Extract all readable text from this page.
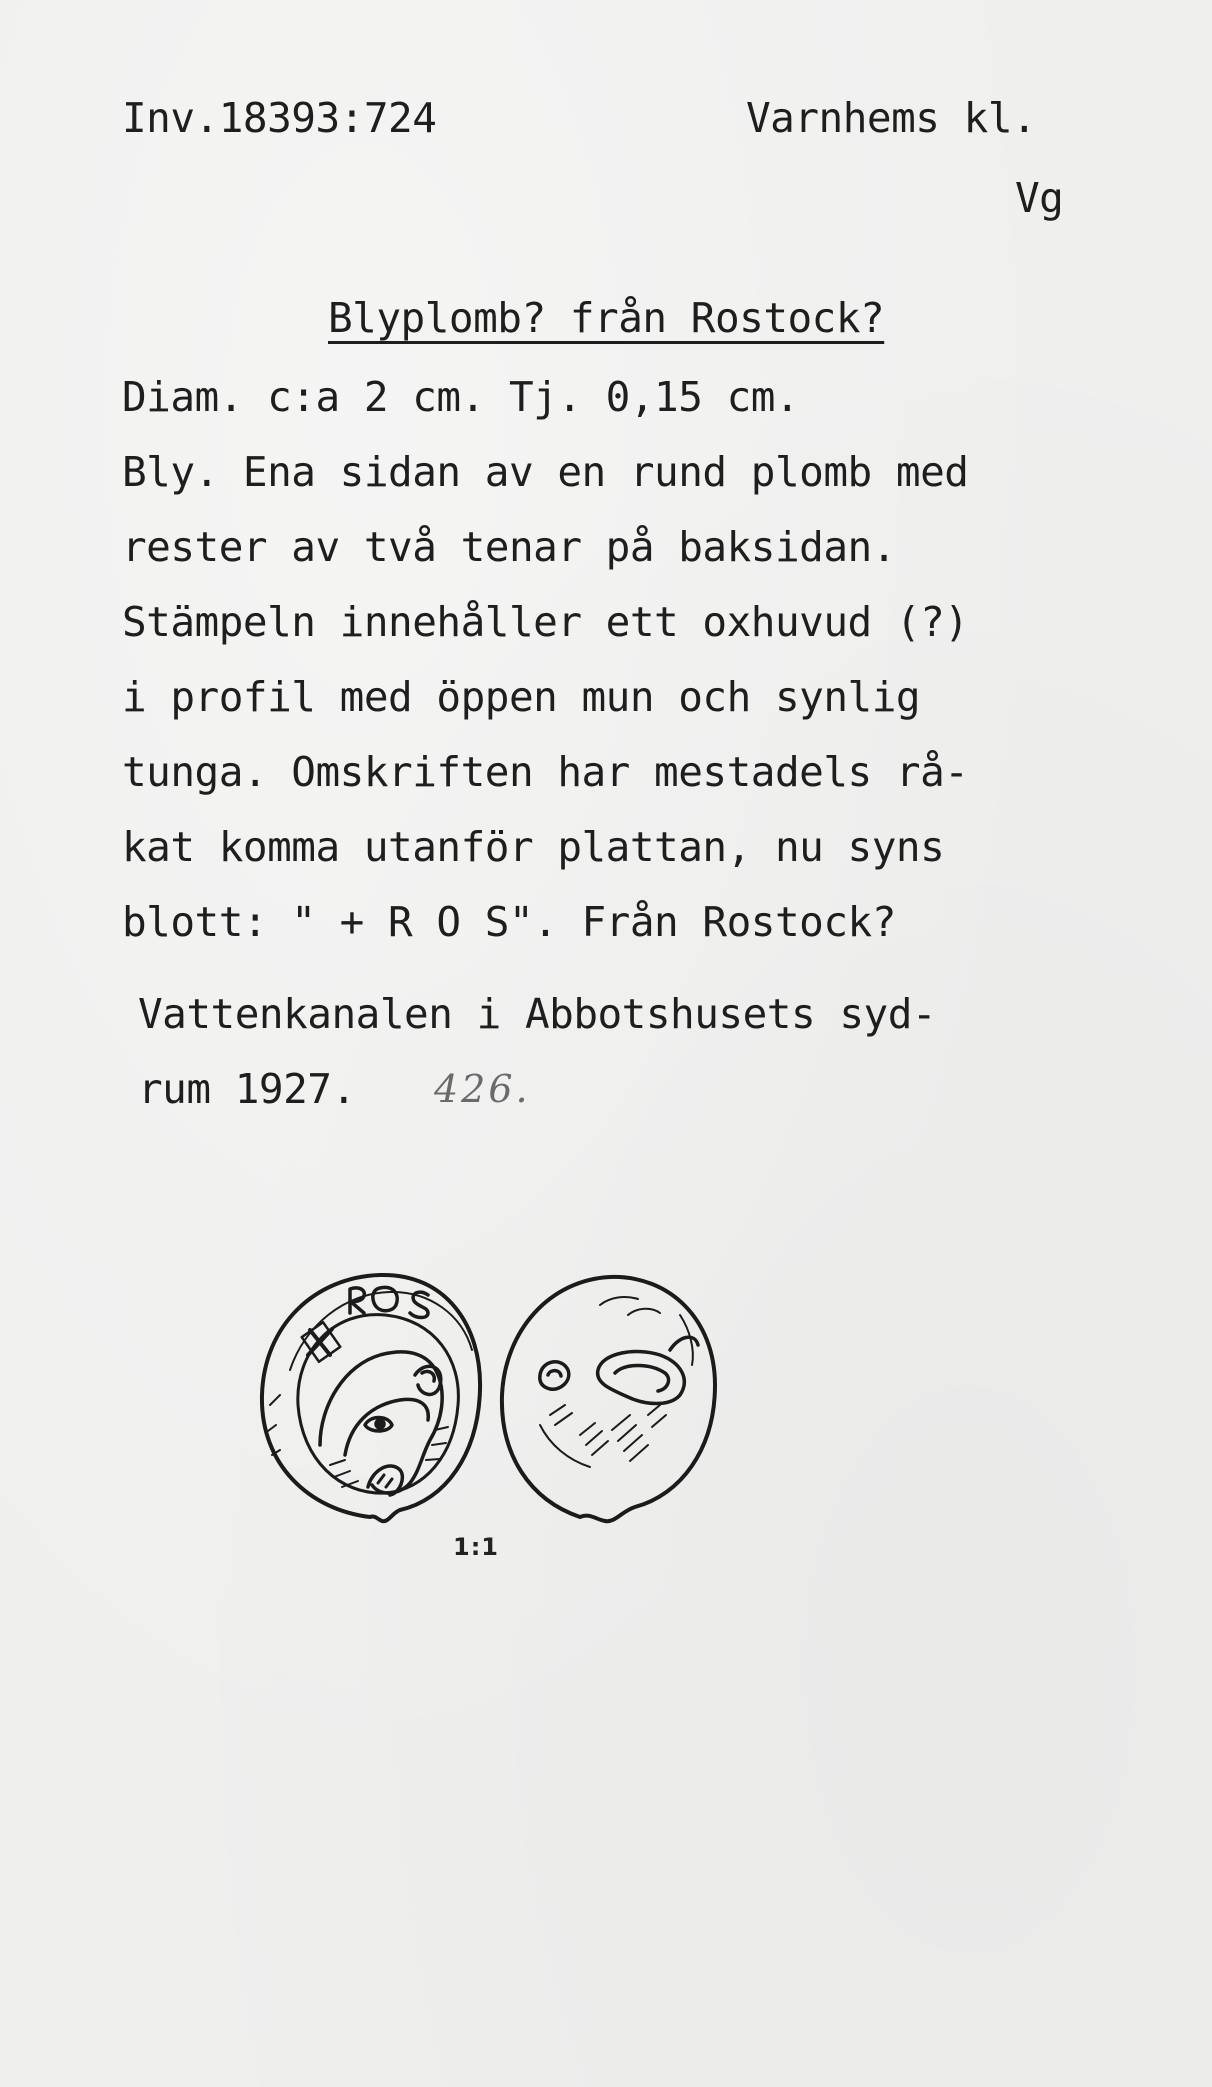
Inv.18393:724	Varnhems kl.
Vg
Blyplomb? från Rostock?
Diam. c:a 2 cm. Tj. 0,15 cm.
Bly. Ena sidan av en rund plomb med
rester av två tenar på baksidan.
Stämpeln innehåller ett oxhuvud (?)
i profil med öppen mun och synlig
tunga. Omskriften har mestadels rå-
kat komma utanför plattan, nu syns
blott: " + R O S". Från Rostock?
Vattenkanalen i Abbotshusets syd-
rum 1927. 426.
1:1
